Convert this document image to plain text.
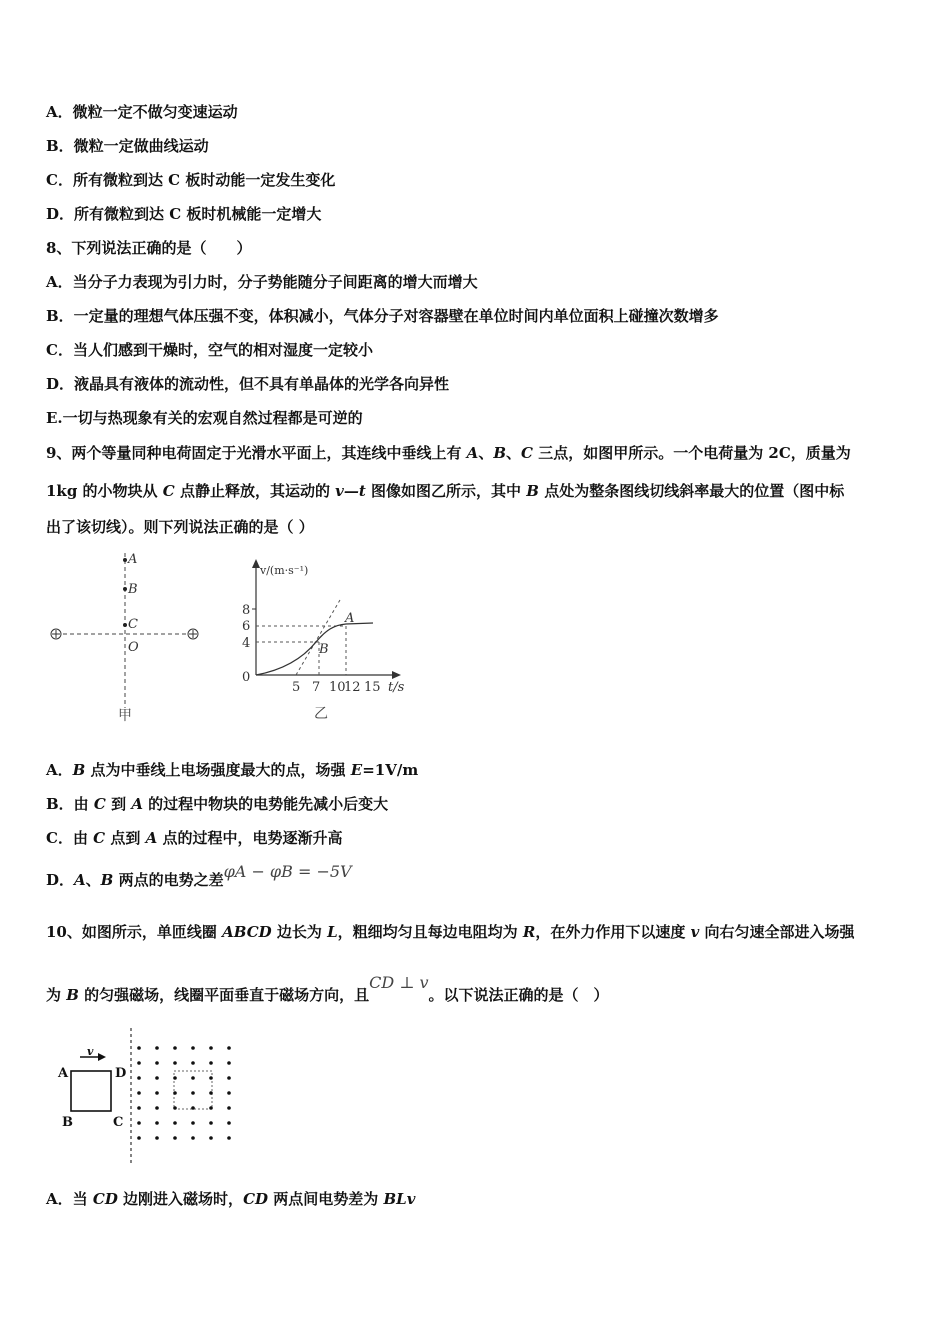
A．微粒一定不做匀变速运动
B．微粒一定做曲线运动
C．所有微粒到达 C 板时动能一定发生变化
D．所有微粒到达 C 板时机械能一定增大
8、下列说法正确的是（　　）
A．当分子力表现为引力时，分子势能随分子间距离的增大而增大
B．一定量的理想气体压强不变，体积减小，气体分子对容器壁在单位时间内单位面积上碰撞次数增多
C．当人们感到干燥时，空气的相对湿度一定较小
D．液晶具有液体的流动性，但不具有单晶体的光学各向异性
E.一切与热现象有关的宏观自然过程都是可逆的
9、两个等量同种电荷固定于光滑水平面上，其连线中垂线上有 A、B、C 三点，如图甲所示。一个电荷量为 2C，质量为
1kg 的小物块从 C 点静止释放，其运动的 v—t 图像如图乙所示，其中 B 点处为整条图线切线斜率最大的位置（图中标
出了该切线）。则下列说法正确的是（ ）
A
B
C
O
甲
8
6
4
0
5 7 10
12 15 t/s
v/(m·s⁻¹)
A
B
乙
A．B 点为中垂线上电场强度最大的点，场强 E=1V/m
B．由 C 到 A 的过程中物块的电势能先减小后变大
C．由 C 点到 A 点的过程中，电势逐渐升高
D．A、B 两点的电势之差φA − φB = −5V
10、如图所示，单匝线圈 ABCD 边长为 L，粗细均匀且每边电阻均为 R，在外力作用下以速度 v 向右匀速全部进入场强
为 B 的匀强磁场，线圈平面垂直于磁场方向，且CD ⊥ v。以下说法正确的是（　）
v
A
B	C
D
A．当 CD 边刚进入磁场时，CD 两点间电势差为 BLv
